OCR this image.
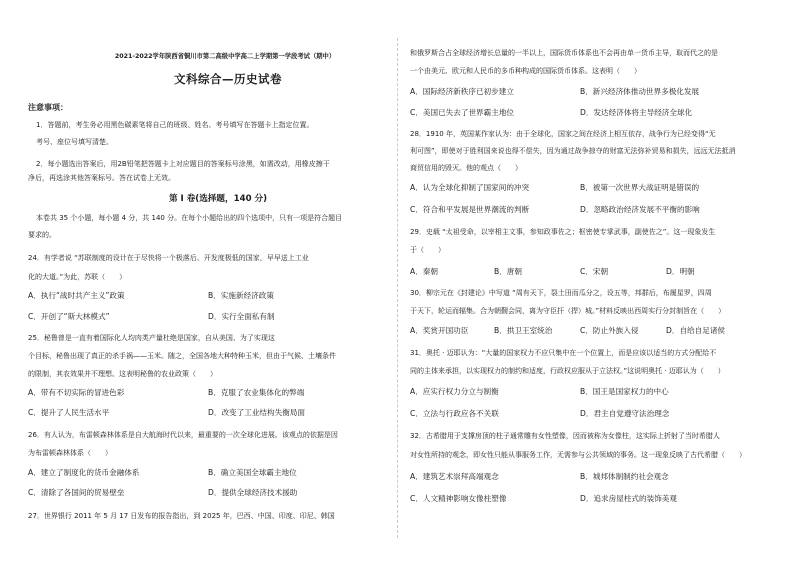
2021-2022学年陕西省铜川市第二高级中学高二上学期第一学段考试（期中）
文科综合—历史试卷
注意事项：
1．答题前，考生务必用黑色碳素笔将自己的班级、姓名、考号填写在答题卡上指定位置。
考号、座位号填写清楚。
2．每小题选出答案后，用2B铅笔把答题卡上对应题目的答案标号涂黑，如需改动，用橡皮擦干
净后，再选涂其他答案标号。答在试卷上无效。
第 I 卷(选择题，140 分)
本卷共 35 个小题，每小题 4 分，共 140 分。在每个小题给出的四个选项中，只有一项是符合题目
要求的。
24．有学者说 “苏联制度的设计在于尽快将一个极落后、开发度极低的国家，早早送上工业
化的大道。”为此，苏联（　　）
A．执行“战时共产主义”政策	B．实施新经济政策
C．开创了“斯大林模式”	D．实行全面私有制
25．秘鲁曾是一直有着国际化人均肉类产量杜绝是国家，自从美国、为了实现这
个目标，秘鲁出现了真正的杀手祸——玉米。随之，全国各地大种特种玉米，但由于气候、土壤条件
的限制，其农效果并不理想。这表明秘鲁的农业政策（　　）
A．带有不切实际的冒进色彩	B．克服了农业集体化的弊端
C．提升了人民生活水平	D．改变了工业结构失衡局面
26．有人认为，布雷顿森林体系是自大航海时代以来，最重要的一次全球化进展。该观点的依据是因
为布雷顿森林体系（　　）
A．建立了制度化的货币金融体系	B．确立美国全球霸主地位
C．清除了各国间的贸易壁垒	D．提供全球经济技术援助
27．世界银行 2011 年 5 月 17 日发布的报告指出，到 2025 年，巴西、中国、印度、印尼、韩国
和俄罗斯合占全球经济增长总量的一半以上，国际货币体系也不会再由单一货币主导，取而代之的是
一个由美元、欧元和人民币的多币种构成的国际货币体系。这表明（　　）
A．国际经济新秩序已初步建立	B．新兴经济体推动世界多极化发展
C．美国已失去了世界霸主地位	D．发达经济体将主导经济全球化
28．1910 年，英国某作家认为：由于全球化，国家之间在经济上相互依存，战争行为已经变得“无
利可图”，即使对于胜利国来说也得不偿失，因为通过战争掠夺的财富无法弥补贸易和损失，远远无法抵消
商贸信用的毁灭。他的观点（　　）
A．认为全球化抑制了国家间的冲突	B．被第一次世界大战证明是错误的
C．符合和平发展是世界潮流的判断	D．忽略政治经济发展不平衡的影响
29．史载 “太祖受命，以宰相主文事，参知政事佐之；枢密使专掌武事，副使佐之”。这一现象发生
于（　　）
A．秦朝	B．唐朝	C．宋朝	D．明朝
30．柳宗元在《封建论》中写道 “周有天下，裂土田而瓜分之，设五等，邦群后，布履星罗，四周
于天下，轮运而辐集。合为朝觐会同，离为守臣扞（捍）城。”材料反映出西周实行分封制旨在（　　）
A．奖赏开国功臣	B．拱卫王室统治	C．防止外族入侵	D．自给自足诸侯
31．奥托 · 迈耶认为：“大量的国家权力不应只集中在一个位置上，而是应该以适当的方式分配给不
同的主体来承担，以实现权力的制约和适度，行政权应服从于立法权。”这说明奥托 · 迈耶认为（　　）
A．应实行权力分立与制衡	B．国王是国家权力的中心
C．立法与行政应各不关联	D．君主自觉遵守法治理念
32．古希腊用于支撑房顶的柱子通常雕有女性塑像，因而被称为女像柱，这实际上折射了当时希腊人
对女性所持的观念，即女性只能从事服务工作，无需参与公共领域的事务。这一现象反映了古代希腊（　　）
A．建筑艺术崇拜高端观念	B．城邦体制制约社会观念
C．人文精神影响女像柱塑像	D．追求房屋柱式的装饰美观
